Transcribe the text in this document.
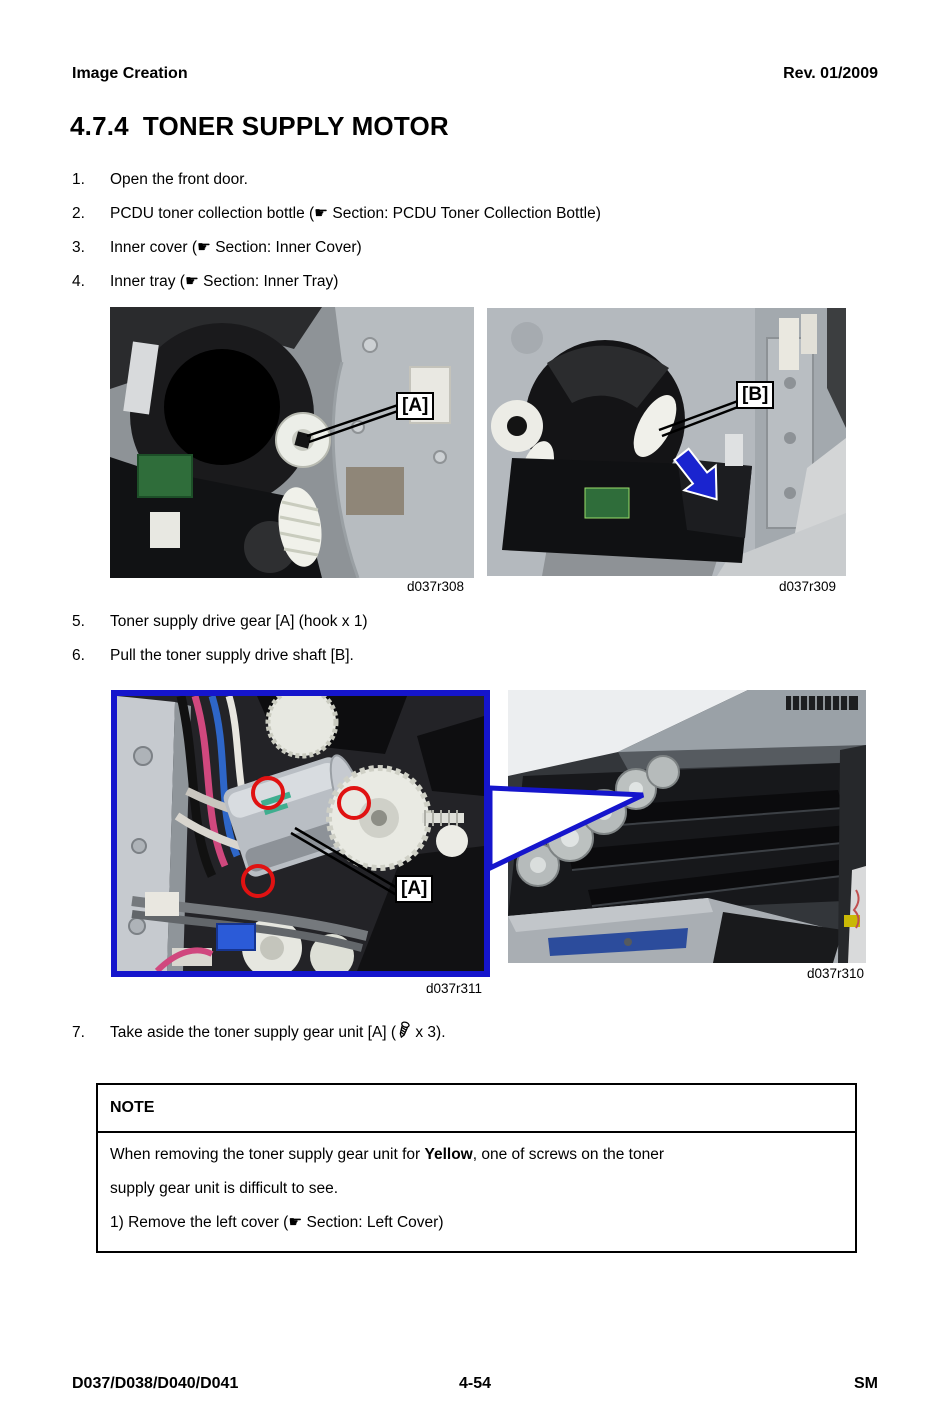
Image Creation	Rev. 01/2009
4.7.4 TONER SUPPLY MOTOR
1. Open the front door.
2. PCDU toner collection bottle (☛ Section: PCDU Toner Collection Bottle)
3. Inner cover (☛ Section: Inner Cover)
4. Inner tray (☛ Section: Inner Tray)
[A]
[B]
d037r308	d037r309
5. Toner supply drive gear [A] (hook x 1)
6. Pull the toner supply drive shaft [B].
[A]
d037r311
d037r310
7. Take aside the toner supply gear unit [A] ( x 3).
NOTE
When removing the toner supply gear unit for Yellow, one of screws on the toner
supply gear unit is difficult to see.
1) Remove the left cover (☛ Section: Left Cover)
4-54
D037/D038/D040/D041	SM
